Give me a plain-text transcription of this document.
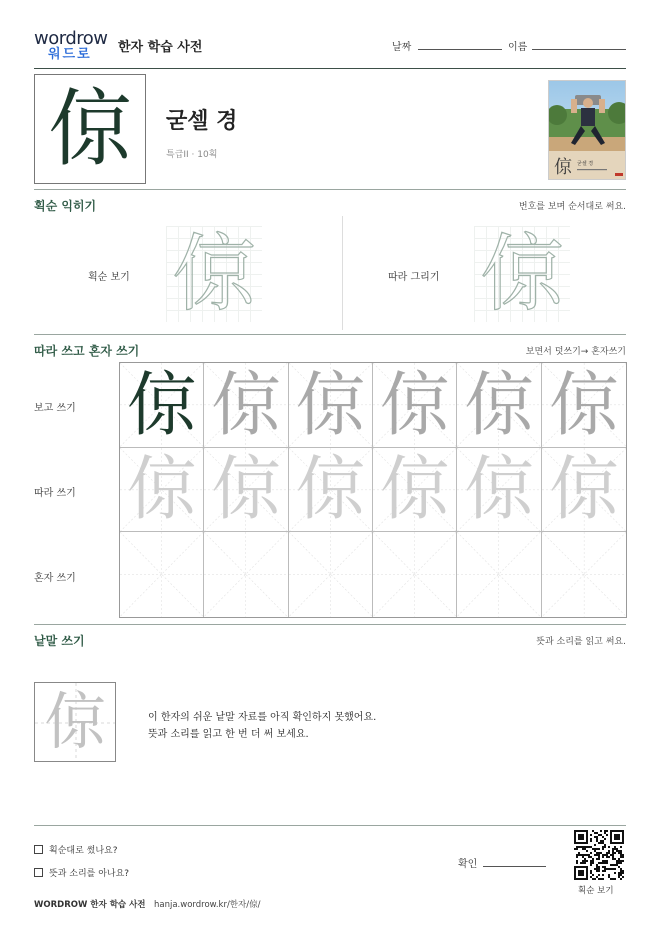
wordrow
워드로	한자 학습 사전	날짜	이름
倞 굳셀 경
특급II · 10획
倞 굳셀 경
획순 익히기	번호를 보며 순서대로 써요.
획순 보기 倞	따라 그리기 倞
따라 쓰고 혼자 쓰기	보면서 덧쓰기→ 혼자쓰기
보고 쓰기
따라 쓰기
혼자 쓰기
倞 倞 倞 倞 倞 倞
倞 倞 倞 倞 倞 倞
낱말 쓰기	뜻과 소리를 읽고 써요.
倞	이 한자의 쉬운 낱말 자료를 아직 확인하지 못했어요.
뜻과 소리를 읽고 한 번 더 써 보세요.
획순대로 썼나요?
뜻과 소리를 아나요?
확인
획순 보기
WORDROW 한자 학습 사전 hanja.wordrow.kr/한자/倞/
